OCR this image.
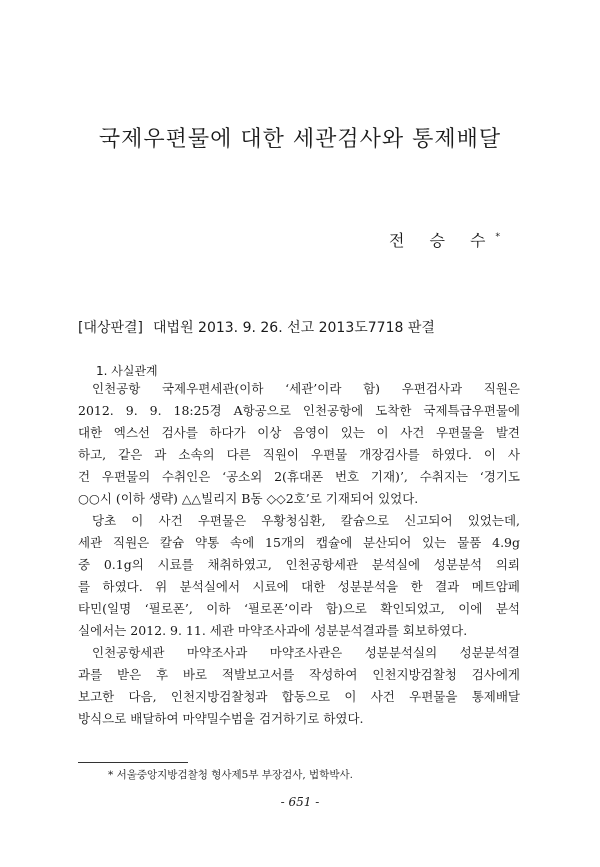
국제우편물에 대한 세관검사와 통제배달
전 승 수*
[대상판결] 대법원 2013. 9. 26. 선고 2013도7718 판결
1. 사실관계
인천공항 국제우편세관(이하 ‘세관’이라 함) 우편검사과 직원은
2012. 9. 9. 18:25경 A항공으로 인천공항에 도착한 국제특급우편물에
대한 엑스선 검사를 하다가 이상 음영이 있는 이 사건 우편물을 발견
하고, 같은 과 소속의 다른 직원이 우편물 개장검사를 하였다. 이 사
건 우편물의 수취인은 ‘공소외 2(휴대폰 번호 기재)’, 수취지는 ‘경기도
○○시 (이하 생략) △△빌리지 B동 ◇◇2호’로 기재되어 있었다.
당초 이 사건 우편물은 우황청심환, 칼슘으로 신고되어 있었는데,
세관 직원은 칼슘 약통 속에 15개의 캡슐에 분산되어 있는 물품 4.9g
중 0.1g의 시료를 채취하였고, 인천공항세관 분석실에 성분분석 의뢰
를 하였다. 위 분석실에서 시료에 대한 성분분석을 한 결과 메트암페
타민(일명 ‘필로폰’, 이하 ‘필로폰’이라 함)으로 확인되었고, 이에 분석
실에서는 2012. 9. 11. 세관 마약조사과에 성분분석결과를 회보하였다.
인천공항세관 마약조사과 마약조사관은 성분분석실의 성분분석결
과를 받은 후 바로 적발보고서를 작성하여 인천지방검찰청 검사에게
보고한 다음, 인천지방검찰청과 합동으로 이 사건 우편물을 통제배달
방식으로 배달하여 마약밀수범을 검거하기로 하였다.
* 서울중앙지방검찰청 형사제5부 부장검사, 법학박사.
- 651 -
